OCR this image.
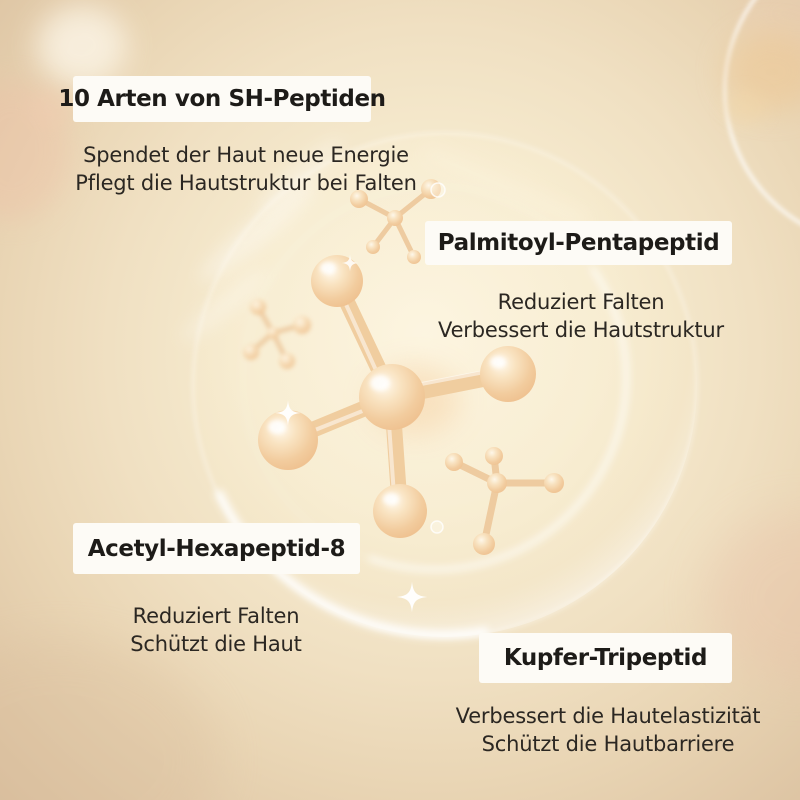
10 Arten von SH-Peptiden
Spendet der Haut neue Energie
Pflegt die Hautstruktur bei Falten
Palmitoyl-Pentapeptid
Reduziert Falten
Verbessert die Hautstruktur
Acetyl-Hexapeptid-8
Reduziert Falten
Schützt die Haut
Kupfer-Tripeptid
Verbessert die Hautelastizität
Schützt die Hautbarriere
